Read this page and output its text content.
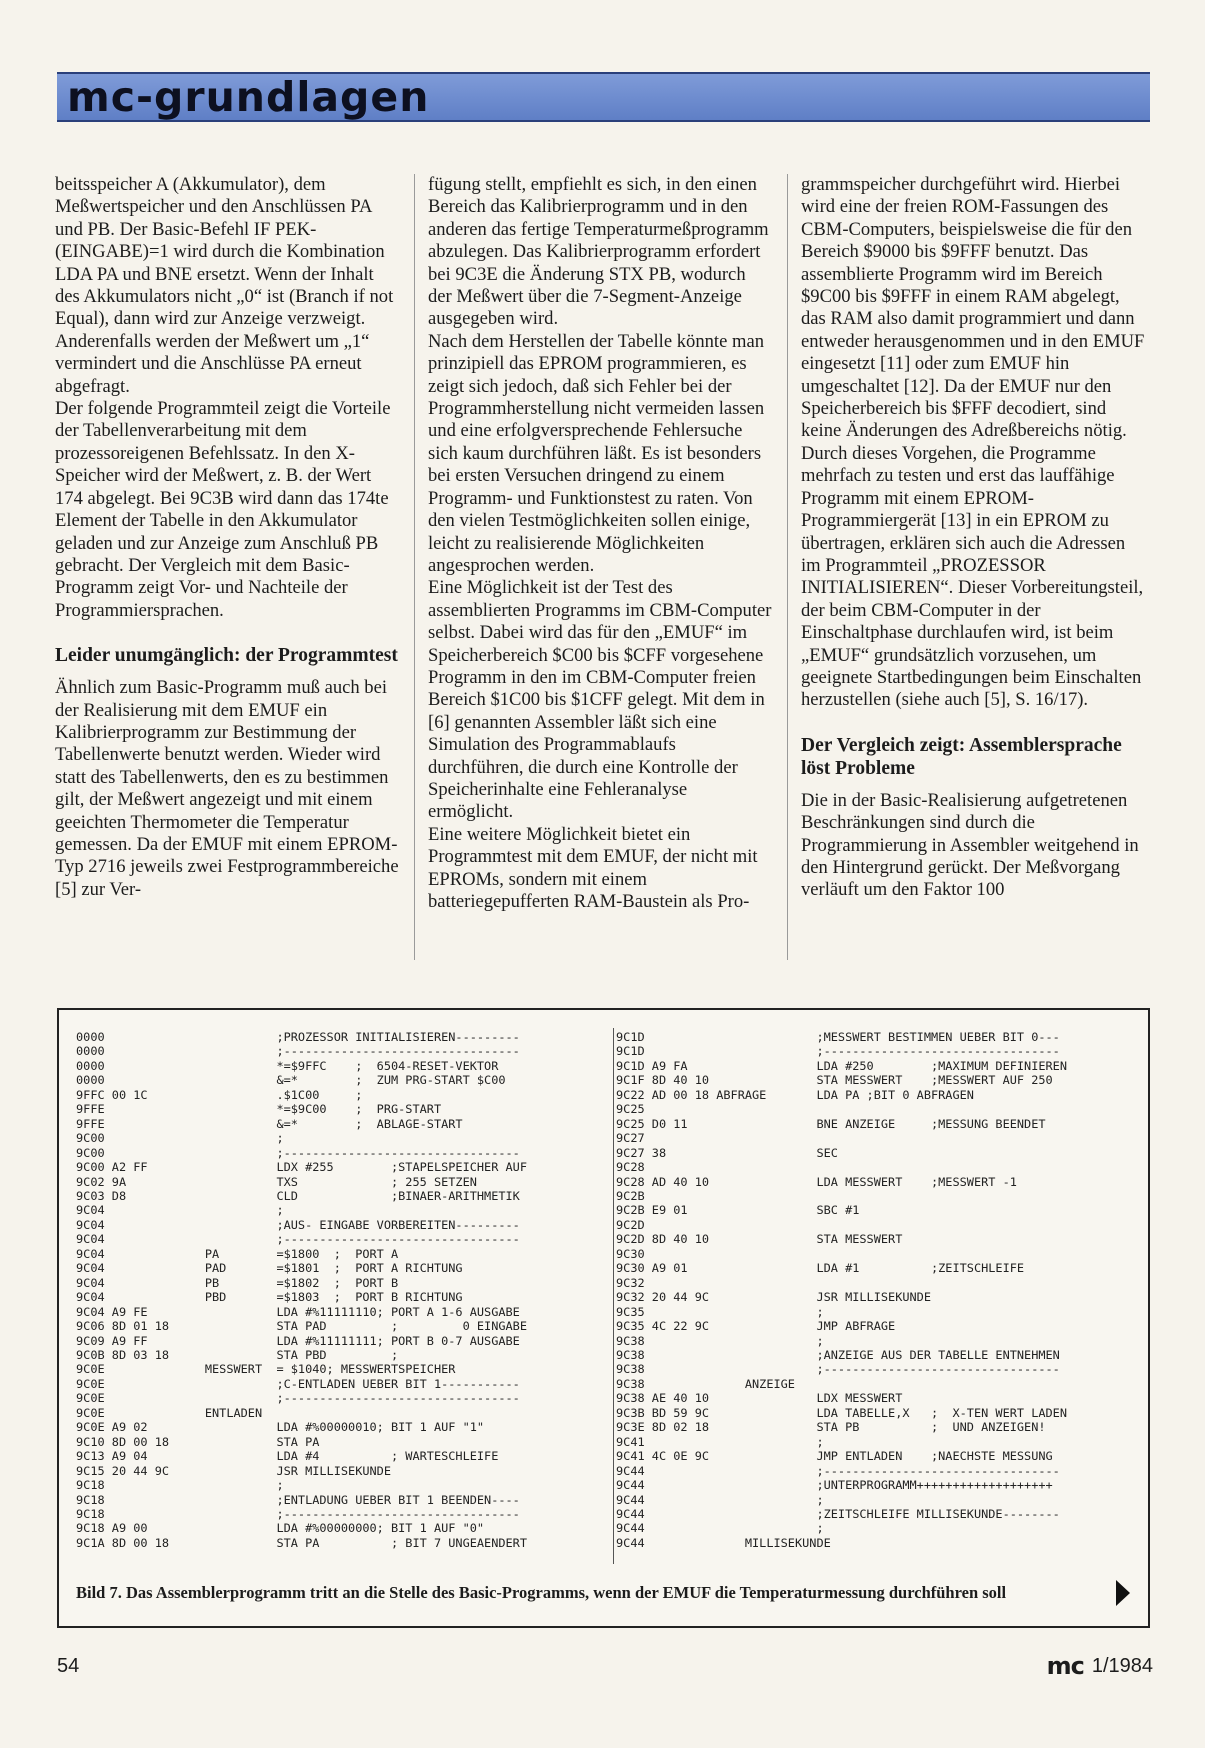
mc-grundlagen

beitsspeicher A (Akkumulator), dem Meßwertspeicher und den Anschlüssen PA und PB. Der Basic-Befehl IF PEK-(EINGABE)=1 wird durch die Kombination LDA PA und BNE ersetzt. Wenn der Inhalt des Akkumulators nicht „0“ ist (Branch if not Equal), dann wird zur Anzeige verzweigt. Anderenfalls werden der Meßwert um „1“ vermindert und die Anschlüsse PA erneut abgefragt.

Der folgende Programmteil zeigt die Vorteile der Tabellenverarbeitung mit dem prozessoreigenen Befehlssatz. In den X-Speicher wird der Meßwert, z. B. der Wert 174 abgelegt. Bei 9C3B wird dann das 174te Element der Tabelle in den Akkumulator geladen und zur Anzeige zum Anschluß PB gebracht. Der Vergleich mit dem Basic-Programm zeigt Vor- und Nachteile der Programmiersprachen.

Leider unumgänglich: der Programmtest

Ähnlich zum Basic-Programm muß auch bei der Realisierung mit dem EMUF ein Kalibrierprogramm zur Bestimmung der Tabellenwerte benutzt werden. Wieder wird statt des Tabellenwerts, den es zu bestimmen gilt, der Meßwert angezeigt und mit einem geeichten Thermometer die Temperatur gemessen. Da der EMUF mit einem EPROM-Typ 2716 jeweils zwei Festprogrammbereiche [5] zur Ver-

fügung stellt, empfiehlt es sich, in den einen Bereich das Kalibrierprogramm und in den anderen das fertige Temperaturmeßprogramm abzulegen. Das Kalibrierprogramm erfordert bei 9C3E die Änderung STX PB, wodurch der Meßwert über die 7-Segment-Anzeige ausgegeben wird.

Nach dem Herstellen der Tabelle könnte man prinzipiell das EPROM programmieren, es zeigt sich jedoch, daß sich Fehler bei der Programmherstellung nicht vermeiden lassen und eine erfolgversprechende Fehlersuche sich kaum durchführen läßt. Es ist besonders bei ersten Versuchen dringend zu einem Programm- und Funktionstest zu raten. Von den vielen Testmöglichkeiten sollen einige, leicht zu realisierende Möglichkeiten angesprochen werden.

Eine Möglichkeit ist der Test des assemblierten Programms im CBM-Computer selbst. Dabei wird das für den „EMUF“ im Speicherbereich $C00 bis $CFF vorgesehene Programm in den im CBM-Computer freien Bereich $1C00 bis $1CFF gelegt. Mit dem in [6] genannten Assembler läßt sich eine Simulation des Programmablaufs durchführen, die durch eine Kontrolle der Speicherinhalte eine Fehleranalyse ermöglicht.

Eine weitere Möglichkeit bietet ein Programmtest mit dem EMUF, der nicht mit EPROMs, sondern mit einem batteriegepufferten RAM-Baustein als Pro-

grammspeicher durchgeführt wird. Hierbei wird eine der freien ROM-Fassungen des CBM-Computers, beispielsweise die für den Bereich $9000 bis $9FFF benutzt. Das assemblierte Programm wird im Bereich $9C00 bis $9FFF in einem RAM abgelegt, das RAM also damit programmiert und dann entweder herausgenommen und in den EMUF eingesetzt [11] oder zum EMUF hin umgeschaltet [12]. Da der EMUF nur den Speicherbereich bis $FFF decodiert, sind keine Änderungen des Adreßbereichs nötig.

Durch dieses Vorgehen, die Programme mehrfach zu testen und erst das lauffähige Programm mit einem EPROM-Programmiergerät [13] in ein EPROM zu übertragen, erklären sich auch die Adressen im Programmteil „PROZESSOR INITIALISIEREN“. Dieser Vorbereitungsteil, der beim CBM-Computer in der Einschaltphase durchlaufen wird, ist beim „EMUF“ grundsätzlich vorzusehen, um geeignete Startbedingungen beim Einschalten herzustellen (siehe auch [5], S. 16/17).

Der Vergleich zeigt: Assemblersprache löst Probleme

Die in der Basic-Realisierung aufgetretenen Beschränkungen sind durch die Programmierung in Assembler weitgehend in den Hintergrund gerückt. Der Meßvorgang verläuft um den Faktor 100

0000                        ;PROZESSOR INITIALISIEREN---------
0000                        ;---------------------------------
0000                        *=$9FFC    ;  6504-RESET-VEKTOR
0000                        &=*        ;  ZUM PRG-START $C00
9FFC 00 1C                  .$1C00     ;
9FFE                        *=$9C00    ;  PRG-START
9FFE                        &=*        ;  ABLAGE-START
9C00                        ;
9C00                        ;---------------------------------
9C00 A2 FF                  LDX #255        ;STAPELSPEICHER AUF
9C02 9A                     TXS             ; 255 SETZEN
9C03 D8                     CLD             ;BINAER-ARITHMETIK
9C04                        ;
9C04                        ;AUS- EINGABE VORBEREITEN---------
9C04                        ;---------------------------------
9C04              PA        =$1800  ;  PORT A
9C04              PAD       =$1801  ;  PORT A RICHTUNG
9C04              PB        =$1802  ;  PORT B
9C04              PBD       =$1803  ;  PORT B RICHTUNG
9C04 A9 FE                  LDA #%11111110; PORT A 1-6 AUSGABE
9C06 8D 01 18               STA PAD         ;         0 EINGABE
9C09 A9 FF                  LDA #%11111111; PORT B 0-7 AUSGABE
9C0B 8D 03 18               STA PBD         ;
9C0E              MESSWERT  = $1040; MESSWERTSPEICHER
9C0E                        ;C-ENTLADEN UEBER BIT 1-----------
9C0E                        ;---------------------------------
9C0E              ENTLADEN
9C0E A9 02                  LDA #%00000010; BIT 1 AUF "1"
9C10 8D 00 18               STA PA
9C13 A9 04                  LDA #4          ; WARTESCHLEIFE
9C15 20 44 9C               JSR MILLISEKUNDE
9C18                        ;
9C18                        ;ENTLADUNG UEBER BIT 1 BEENDEN----
9C18                        ;---------------------------------
9C18 A9 00                  LDA #%00000000; BIT 1 AUF "0"
9C1A 8D 00 18               STA PA          ; BIT 7 UNGEAENDERT
9C1D                        ;MESSWERT BESTIMMEN UEBER BIT 0---
9C1D                        ;---------------------------------
9C1D A9 FA                  LDA #250        ;MAXIMUM DEFINIEREN
9C1F 8D 40 10               STA MESSWERT    ;MESSWERT AUF 250
9C22 AD 00 18 ABFRAGE       LDA PA ;BIT 0 ABFRAGEN
9C25
9C25 D0 11                  BNE ANZEIGE     ;MESSUNG BEENDET
9C27
9C27 38                     SEC
9C28
9C28 AD 40 10               LDA MESSWERT    ;MESSWERT -1
9C2B
9C2B E9 01                  SBC #1
9C2D
9C2D 8D 40 10               STA MESSWERT
9C30
9C30 A9 01                  LDA #1          ;ZEITSCHLEIFE
9C32
9C32 20 44 9C               JSR MILLISEKUNDE
9C35                        ;
9C35 4C 22 9C               JMP ABFRAGE
9C38                        ;
9C38                        ;ANZEIGE AUS DER TABELLE ENTNEHMEN
9C38                        ;---------------------------------
9C38              ANZEIGE
9C38 AE 40 10               LDX MESSWERT
9C3B BD 59 9C               LDA TABELLE,X   ;  X-TEN WERT LADEN
9C3E 8D 02 18               STA PB          ;  UND ANZEIGEN!
9C41                        ;
9C41 4C 0E 9C               JMP ENTLADEN    ;NAECHSTE MESSUNG
9C44                        ;---------------------------------
9C44                        ;UNTERPROGRAMM+++++++++++++++++++
9C44                        ;
9C44                        ;ZEITSCHLEIFE MILLISEKUNDE--------
9C44                        ;
9C44              MILLISEKUNDE
Bild 7. Das Assemblerprogramm tritt an die Stelle des Basic-Programms, wenn der EMUF die Temperaturmessung durchführen soll
54	mc 1/1984
